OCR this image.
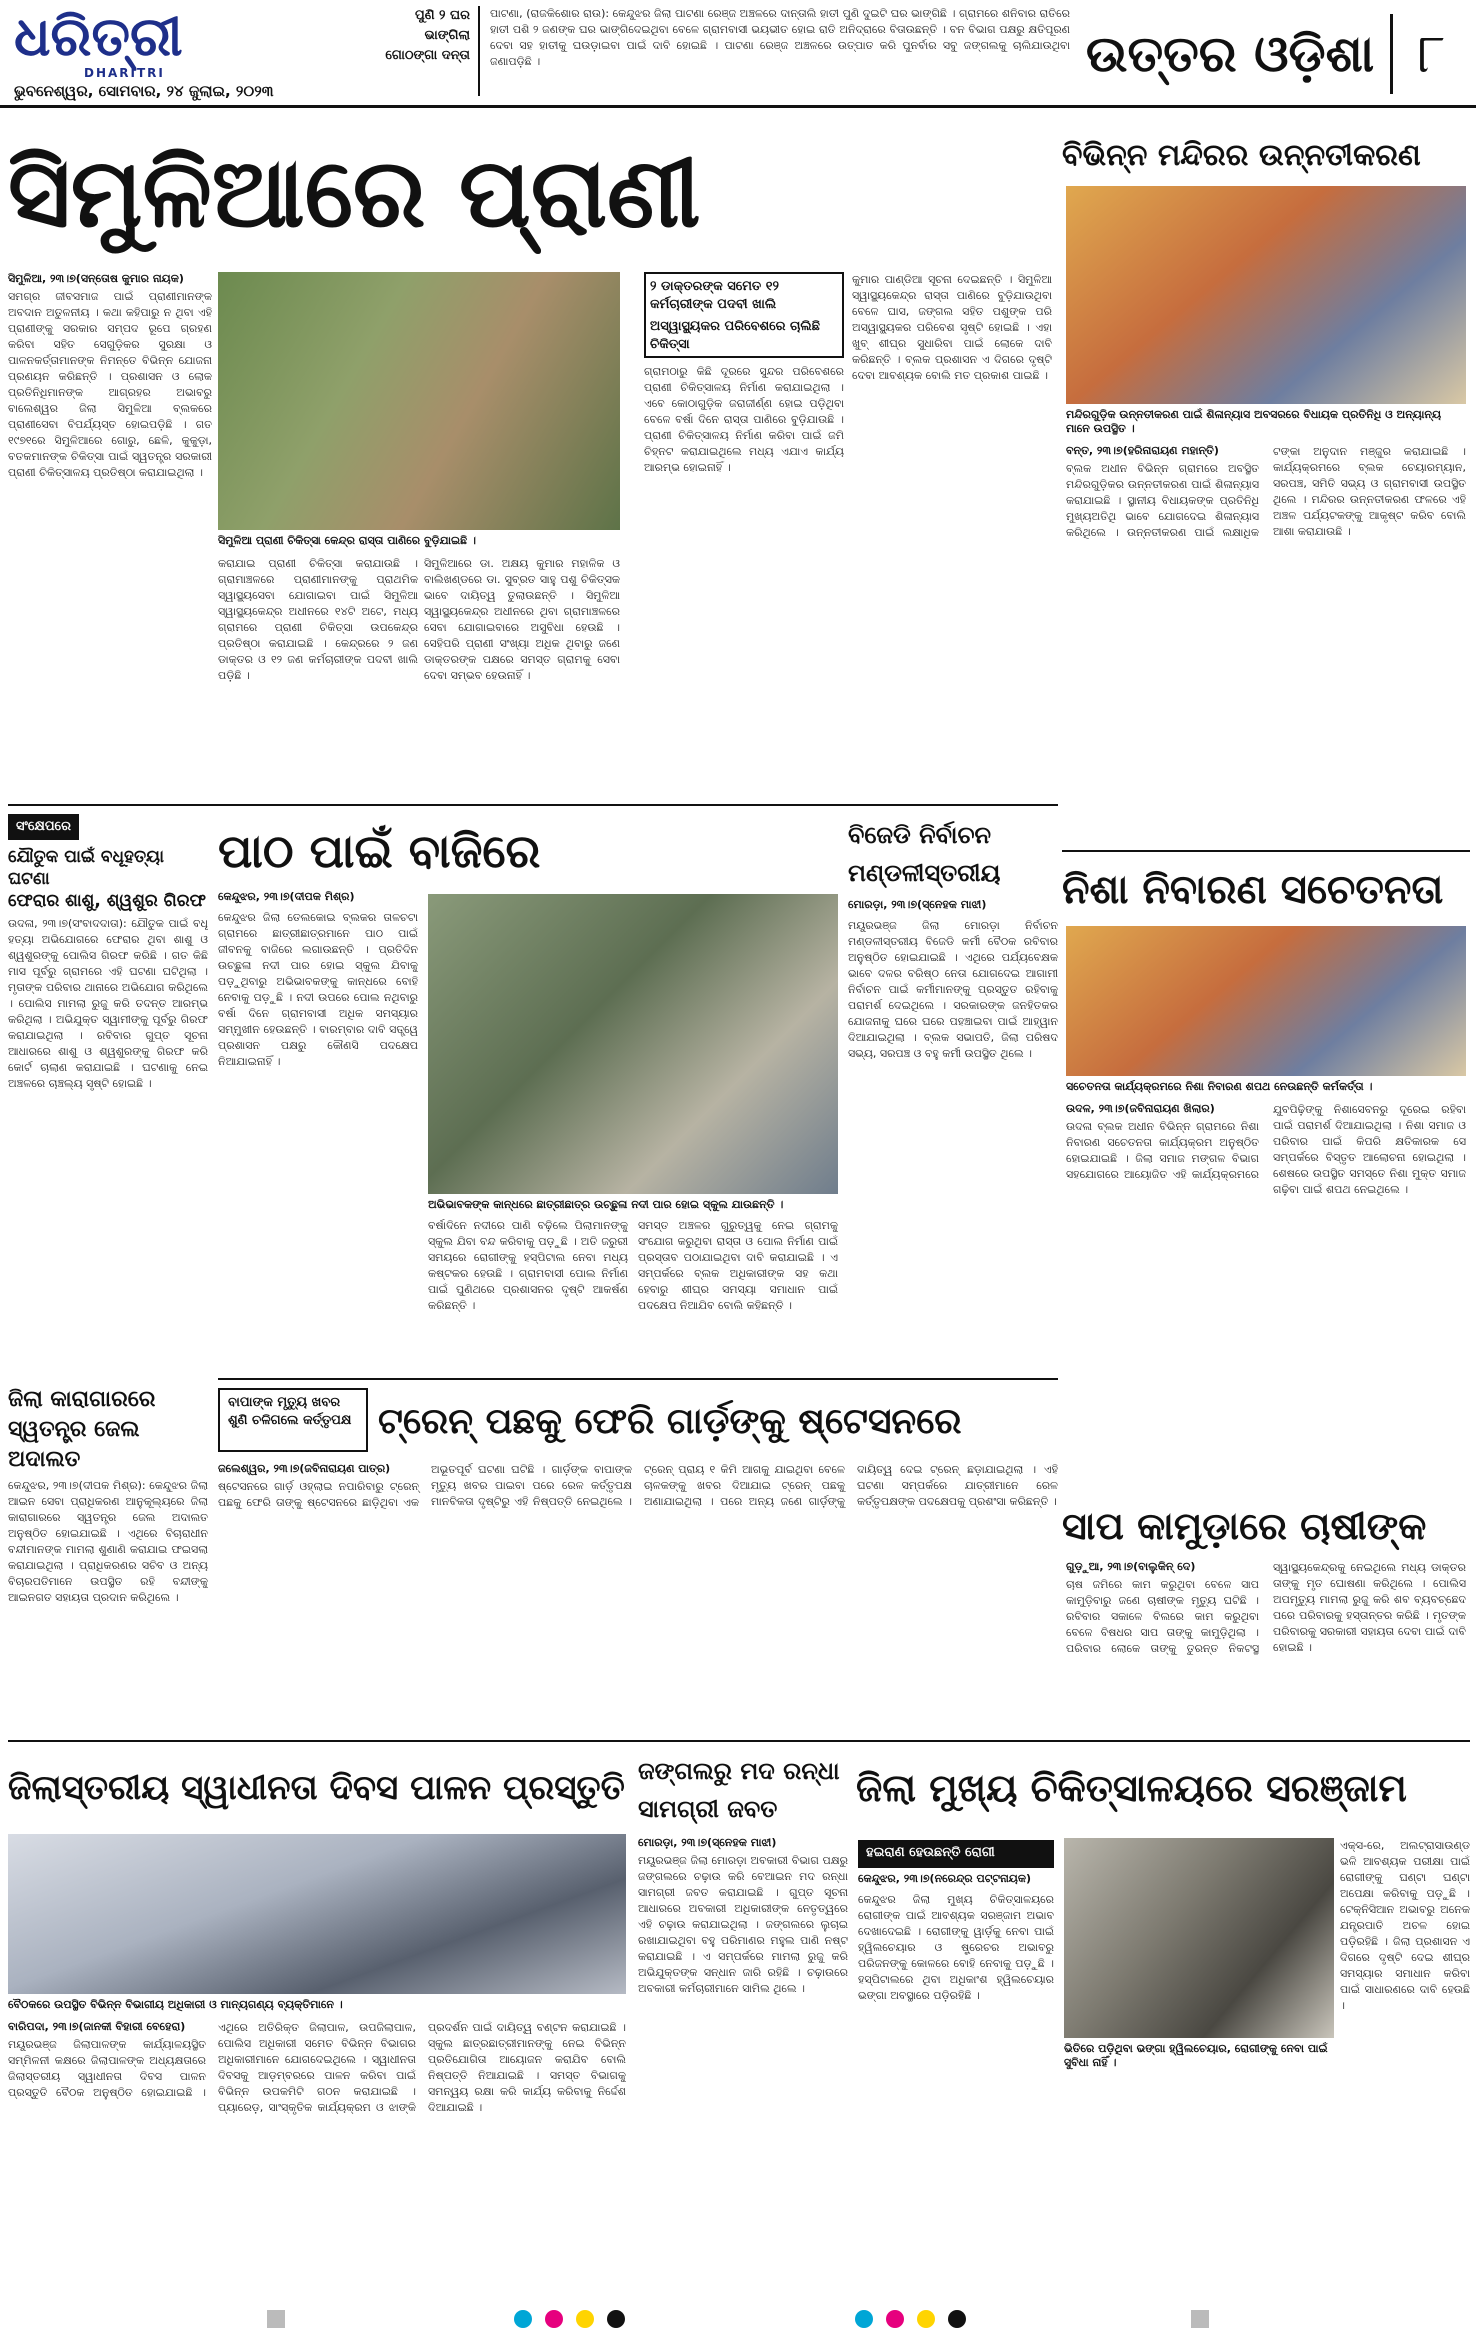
ଧରିତ୍ରୀ
DHARITRI
ଭୁବନେଶ୍ୱର, ସୋମବାର, ୨୪ ଜୁଲାଇ, ୨୦୨୩
ପୁଣି ୨ ଘର
ଭାଙ୍ଗିଲା
ଗୋଠଙ୍ଗା ଦନ୍ତା
ପାଟଣା, (ରାଜକିଶୋର ରାଉ): କେନ୍ଦୁଝର ଜିଲା ପାଟଣା ରେଞ୍ଜ ଅଞ୍ଚଳରେ ଦାନ୍ତାଲି ହାତୀ ପୁଣି ଦୁଇଟି ଘର ଭାଙ୍ଗିଛି । ଗ୍ରାମରେ ଶନିବାର ରାତିରେ ହାତୀ ପଶି ୨ ଜଣଙ୍କ ଘର ଭାଙ୍ଗିଦେଇଥିବା ବେଳେ ଗ୍ରାମବାସୀ ଭୟଭୀତ ହୋଇ ରାତି ଅନିଦ୍ରାରେ ବିତାଉଛନ୍ତି । ବନ ବିଭାଗ ପକ୍ଷରୁ କ୍ଷତିପୂରଣ ଦେବା ସହ ହାତୀକୁ ଘଉଡ଼ାଇବା ପାଇଁ ଦାବି ହୋଇଛି । ପାଟଣା ରେଞ୍ଜ ଅଞ୍ଚଳରେ ଉତ୍ପାତ କରି ପୁନର୍ବାର ସବୁ ଜଙ୍ଗଲକୁ ଚାଲିଯାଉଥିବା ଜଣାପଡ଼ିଛି ।	ଉତ୍ତର ଓଡ଼ିଶା ୮
ସିମୁଳିଆରେ ପ୍ରାଣୀ
ସିମୁଳିଆ ପ୍ରାଣୀ ଚିକିତ୍ସା କେନ୍ଦ୍ର ରାସ୍ତା ପାଣିରେ ବୁଡ଼ିଯାଇଛି ।
ସିମୁଳିଆ, ୨୩।୭(ସନ୍ତୋଷ କୁମାର ନାୟକ)
ସମଗ୍ର ଜୀବସମାଜ ପାଇଁ ପ୍ରାଣୀମାନଙ୍କ ଅବଦାନ ଅତୁଳନୀୟ । କଥା କହିପାରୁ ନ ଥିବା ଏହି ପ୍ରାଣୀଙ୍କୁ ସରକାର ସମ୍ପଦ ରୂପେ ଗ୍ରହଣ କରିବା ସହିତ ସେଗୁଡ଼ିକର ସୁରକ୍ଷା ଓ ପାଳନକର୍ତ୍ତାମାନଙ୍କ ନିମନ୍ତେ ବିଭିନ୍ନ ଯୋଜନା ପ୍ରଣୟନ କରିଛନ୍ତି । ପ୍ରଶାସନ ଓ ଲୋକ ପ୍ରତିନିଧିମାନଙ୍କ ଆଗ୍ରହର ଅଭାବରୁ ବାଲେଶ୍ୱର ଜିଲା ସିମୁଳିଆ ବ୍ଲକରେ ପ୍ରାଣୀସେବା ବିପର୍ଯ୍ୟସ୍ତ ହୋଇପଡ଼ିଛି । ଗତ ୧୯୭୧ରେ ସିମୁଳିଆରେ ଗୋରୁ, ଛେଳି, କୁକୁଡ଼ା, ବତକମାନଙ୍କ ଚିକିତ୍ସା ପାଇଁ ସ୍ୱତନ୍ତ୍ର ସରକାରୀ ପ୍ରାଣୀ ଚିକିତ୍ସାଳୟ ପ୍ରତିଷ୍ଠା କରାଯାଇଥିଲା ।
କରାଯାଇ ପ୍ରାଣୀ ଚିକିତ୍ସା କରାଯାଉଛି । ଗ୍ରାମାଞ୍ଚଳରେ ପ୍ରାଣୀମାନଙ୍କୁ ପ୍ରାଥମିକ ସ୍ୱାସ୍ଥ୍ୟସେବା ଯୋଗାଇବା ପାଇଁ ସିମୁଳିଆ ସ୍ୱାସ୍ଥ୍ୟକେନ୍ଦ୍ର ଅଧୀନରେ ୧୪ଟି ଅଟେ, ମଧ୍ୟ ଗ୍ରାମରେ ପ୍ରାଣୀ ଚିକିତ୍ସା ଉପକେନ୍ଦ୍ର ପ୍ରତିଷ୍ଠା କରାଯାଇଛି । କେନ୍ଦ୍ରରେ ୨ ଜଣ ଡାକ୍ତର ଓ ୧୨ ଜଣ କର୍ମଚାରୀଙ୍କ ପଦବୀ ଖାଲି ପଡ଼ିଛି ।
ସିମୁଳିଆରେ ଡା. ଅକ୍ଷୟ କୁମାର ମହାଳିକ ଓ ବାଲିଖଣ୍ଡରେ ଡା. ସୁବ୍ରତ ସାହୁ ପଶୁ ଚିକିତ୍ସକ ଭାବେ ଦାୟିତ୍ୱ ତୁଲାଉଛନ୍ତି । ସିମୁଳିଆ ସ୍ୱାସ୍ଥ୍ୟକେନ୍ଦ୍ର ଅଧୀନରେ ଥିବା ଗ୍ରାମାଞ୍ଚଳରେ ସେବା ଯୋଗାଇବାରେ ଅସୁବିଧା ହେଉଛି । ସେହିପରି ପ୍ରାଣୀ ସଂଖ୍ୟା ଅଧିକ ଥିବାରୁ ଜଣେ ଡାକ୍ତରଙ୍କ ପକ୍ଷରେ ସମସ୍ତ ଗ୍ରାମକୁ ସେବା ଦେବା ସମ୍ଭବ ହେଉନାହିଁ ।
୨ ଡାକ୍ତରଙ୍କ ସମେତ ୧୨ କର୍ମଚାରୀଙ୍କ ପଦବୀ ଖାଲି
ଅସ୍ୱାସ୍ଥ୍ୟକର ପରିବେଶରେ ଚାଲିଛି ଚିକିତ୍ସା
ଗ୍ରାମଠାରୁ କିଛି ଦୂରରେ ସୁନ୍ଦର ପରିବେଶରେ ପ୍ରାଣୀ ଚିକିତ୍ସାଳୟ ନିର୍ମାଣ କରାଯାଇଥିଲା । ଏବେ କୋଠାଗୁଡ଼ିକ ଜରାଜୀର୍ଣ୍ଣ ହୋଇ ପଡ଼ିଥିବା ବେଳେ ବର୍ଷା ଦିନେ ରାସ୍ତା ପାଣିରେ ବୁଡ଼ିଯାଉଛି । ପ୍ରାଣୀ ଚିକିତ୍ସାଳୟ ନିର୍ମାଣ କରିବା ପାଇଁ ଜମି ଚିହ୍ନଟ କରାଯାଇଥିଲେ ମଧ୍ୟ ଏଯାଏ କାର୍ଯ୍ୟ ଆରମ୍ଭ ହୋଇନାହିଁ ।
କୁମାର ପାଣ୍ଡିଆ ସୂଚନା ଦେଇଛନ୍ତି । ସିମୁଳିଆ ସ୍ୱାସ୍ଥ୍ୟକେନ୍ଦ୍ର ରାସ୍ତା ପାଣିରେ ବୁଡ଼ିଯାଉଥିବା ବେଳେ ଘାସ, ଜଙ୍ଗଲ ସହିତ ପଶୁଙ୍କ ପରି ଅସ୍ୱାସ୍ଥ୍ୟକର ପରିବେଶ ସୃଷ୍ଟି ହୋଇଛି । ଏହା ଖୁବ୍ ଶୀଘ୍ର ସୁଧାରିବା ପାଇଁ ଲୋକେ ଦାବି କରିଛନ୍ତି । ବ୍ଲକ ପ୍ରଶାସନ ଏ ଦିଗରେ ଦୃଷ୍ଟି ଦେବା ଆବଶ୍ୟକ ବୋଲି ମତ ପ୍ରକାଶ ପାଇଛି ।
ବିଭିନ୍ନ ମନ୍ଦିରର ଉନ୍ନତୀକରଣ
ମନ୍ଦିରଗୁଡ଼ିକ ଉନ୍ନତୀକରଣ ପାଇଁ ଶିଳାନ୍ୟାସ ଅବସରରେ ବିଧାୟକ ପ୍ରତିନିଧି ଓ ଅନ୍ୟାନ୍ୟ ମାନେ ଉପସ୍ଥିତ ।
ବନ୍ତ, ୨୩।୭(ହରିନାରାୟଣ ମହାନ୍ତି)
ବ୍ଲକ ଅଧୀନ ବିଭିନ୍ନ ଗ୍ରାମରେ ଅବସ୍ଥିତ ମନ୍ଦିରଗୁଡ଼ିକର ଉନ୍ନତୀକରଣ ପାଇଁ ଶିଳାନ୍ୟାସ କରାଯାଇଛି । ସ୍ଥାନୀୟ ବିଧାୟକଙ୍କ ପ୍ରତିନିଧି ମୁଖ୍ୟଅତିଥି ଭାବେ ଯୋଗଦେଇ ଶିଳାନ୍ୟାସ କରିଥିଲେ । ଉନ୍ନତୀକରଣ ପାଇଁ ଲକ୍ଷାଧିକ ଟଙ୍କା ଅନୁଦାନ ମଞ୍ଜୁର କରାଯାଇଛି । କାର୍ଯ୍ୟକ୍ରମରେ ବ୍ଲକ ଚେୟାରମ୍ୟାନ, ସରପଞ୍ଚ, ସମିତି ସଭ୍ୟ ଓ ଗ୍ରାମବାସୀ ଉପସ୍ଥିତ ଥିଲେ । ମନ୍ଦିରର ଉନ୍ନତୀକରଣ ଫଳରେ ଏହି ଅଞ୍ଚଳ ପର୍ଯ୍ୟଟକଙ୍କୁ ଆକୃଷ୍ଟ କରିବ ବୋଲି ଆଶା କରାଯାଉଛି ।
ସଂକ୍ଷେପରେ
ଯୌତୁକ ପାଇଁ ବଧୂହତ୍ୟା ଘଟଣା
ଫେରାର ଶାଶୁ, ଶ୍ୱଶୁର ଗିରଫ
ଉଦଳା, ୨୩।୭(ସଂବାଦଦାତା): ଯୌତୁକ ପାଇଁ ବଧୂ ହତ୍ୟା ଅଭିଯୋଗରେ ଫେରାର ଥିବା ଶାଶୁ ଓ ଶ୍ୱଶୁରଙ୍କୁ ପୋଲିସ ଗିରଫ କରିଛି । ଗତ କିଛି ମାସ ପୂର୍ବରୁ ଗ୍ରାମରେ ଏହି ଘଟଣା ଘଟିଥିଲା । ମୃତାଙ୍କ ପରିବାର ଥାନାରେ ଅଭିଯୋଗ କରିଥିଲେ । ପୋଲିସ ମାମଲା ରୁଜୁ କରି ତଦନ୍ତ ଆରମ୍ଭ କରିଥିଲା । ଅଭିଯୁକ୍ତ ସ୍ୱାମୀଙ୍କୁ ପୂର୍ବରୁ ଗିରଫ କରାଯାଇଥିଲା । ରବିବାର ଗୁପ୍ତ ସୂଚନା ଆଧାରରେ ଶାଶୁ ଓ ଶ୍ୱଶୁରଙ୍କୁ ଗିରଫ କରି କୋର୍ଟ ଚାଲାଣ କରାଯାଇଛି । ଘଟଣାକୁ ନେଇ ଅଞ୍ଚଳରେ ଚାଞ୍ଚଲ୍ୟ ସୃଷ୍ଟି ହୋଇଛି ।
ପାଠ ପାଇଁ ବାଜିରେ
କେନ୍ଦୁଝର, ୨୩।୭(ଦୀପକ ମିଶ୍ର)
କେନ୍ଦୁଝର ଜିଲା ତେଲକୋଇ ବ୍ଲକର ତାଳଚଟା ଗ୍ରାମରେ ଛାତ୍ରୀଛାତ୍ରମାନେ ପାଠ ପାଇଁ ଜୀବନକୁ ବାଜିରେ ଲଗାଉଛନ୍ତି । ପ୍ରତିଦିନ ଉଚ୍ଛୁଳା ନଦୀ ପାର ହୋଇ ସ୍କୁଲ ଯିବାକୁ ପଡ଼ୁଥିବାରୁ ଅଭିଭାବକଙ୍କୁ କାନ୍ଧରେ ବୋହି ନେବାକୁ ପଡ଼ୁଛି । ନଦୀ ଉପରେ ପୋଲ ନଥିବାରୁ ବର୍ଷା ଦିନେ ଗ୍ରାମବାସୀ ଅଧିକ ସମସ୍ୟାର ସମ୍ମୁଖୀନ ହେଉଛନ୍ତି । ବାରମ୍ବାର ଦାବି ସତ୍ତ୍ୱେ ପ୍ରଶାସନ ପକ୍ଷରୁ କୌଣସି ପଦକ୍ଷେପ ନିଆଯାଇନାହିଁ ।
ଅଭିଭାବକଙ୍କ କାନ୍ଧରେ ଛାତ୍ରୀଛାତ୍ର ଉଚ୍ଛୁଳା ନଦୀ ପାର ହୋଇ ସ୍କୁଲ ଯାଉଛନ୍ତି ।
ବର୍ଷାଦିନେ ନଦୀରେ ପାଣି ବଢ଼ିଲେ ପିଲାମାନଙ୍କୁ ସ୍କୁଲ ଯିବା ବନ୍ଦ କରିବାକୁ ପଡ଼ୁଛି । ଅତି ଜରୁରୀ ସମୟରେ ରୋଗୀଙ୍କୁ ହସ୍ପିଟାଲ ନେବା ମଧ୍ୟ କଷ୍ଟକର ହେଉଛି । ଗ୍ରାମବାସୀ ପୋଲ ନିର୍ମାଣ ପାଇଁ ପୁଣିଥରେ ପ୍ରଶାସନର ଦୃଷ୍ଟି ଆକର୍ଷଣ କରିଛନ୍ତି ।
ସମସ୍ତ ଅଞ୍ଚଳର ଗୁରୁତ୍ୱକୁ ନେଇ ଗ୍ରାମକୁ ସଂଯୋଗ କରୁଥିବା ରାସ୍ତା ଓ ପୋଲ ନିର୍ମାଣ ପାଇଁ ପ୍ରସ୍ତାବ ପଠାଯାଇଥିବା ଦାବି କରାଯାଇଛି । ଏ ସମ୍ପର୍କରେ ବ୍ଲକ ଅଧିକାରୀଙ୍କ ସହ କଥା ହେବାରୁ ଶୀଘ୍ର ସମସ୍ୟା ସମାଧାନ ପାଇଁ ପଦକ୍ଷେପ ନିଆଯିବ ବୋଲି କହିଛନ୍ତି ।
ବିଜେଡି ନିର୍ବାଚନ ମଣ୍ଡଳୀସ୍ତରୀୟ
ମୋରଡ଼ା, ୨୩।୭(ସ୍ନେହକ ମାଝୀ)
ମୟୂରଭଞ୍ଜ ଜିଲା ମୋରଡ଼ା ନିର୍ବାଚନ ମଣ୍ଡଳୀସ୍ତରୀୟ ବିଜେଡି କର୍ମୀ ବୈଠକ ରବିବାର ଅନୁଷ୍ଠିତ ହୋଇଯାଇଛି । ଏଥିରେ ପର୍ଯ୍ୟବେକ୍ଷକ ଭାବେ ଦଳର ବରିଷ୍ଠ ନେତା ଯୋଗଦେଇ ଆଗାମୀ ନିର୍ବାଚନ ପାଇଁ କର୍ମୀମାନଙ୍କୁ ପ୍ରସ୍ତୁତ ରହିବାକୁ ପରାମର୍ଶ ଦେଇଥିଲେ । ସରକାରଙ୍କ ଜନହିତକର ଯୋଜନାକୁ ଘରେ ଘରେ ପହଞ୍ଚାଇବା ପାଇଁ ଆହ୍ୱାନ ଦିଆଯାଇଥିଲା । ବ୍ଲକ ସଭାପତି, ଜିଲା ପରିଷଦ ସଭ୍ୟ, ସରପଞ୍ଚ ଓ ବହୁ କର୍ମୀ ଉପସ୍ଥିତ ଥିଲେ ।
ନିଶା ନିବାରଣ ସଚେତନତା
ସଚେତନତା କାର୍ଯ୍ୟକ୍ରମରେ ନିଶା ନିବାରଣ ଶପଥ ନେଉଛନ୍ତି କର୍ମକର୍ତ୍ତା ।
ଉଦଳ, ୨୩।୭(ଜବିନାରାୟଣ ଖିଲାର)
ଉଦଳା ବ୍ଲକ ଅଧୀନ ବିଭିନ୍ନ ଗ୍ରାମରେ ନିଶା ନିବାରଣ ସଚେତନତା କାର୍ଯ୍ୟକ୍ରମ ଅନୁଷ୍ଠିତ ହୋଇଯାଇଛି । ଜିଲା ସମାଜ ମଙ୍ଗଳ ବିଭାଗ ସହଯୋଗରେ ଆୟୋଜିତ ଏହି କାର୍ଯ୍ୟକ୍ରମରେ ଯୁବପିଢ଼ିଙ୍କୁ ନିଶାସେବନରୁ ଦୂରେଇ ରହିବା ପାଇଁ ପରାମର୍ଶ ଦିଆଯାଇଥିଲା । ନିଶା ସମାଜ ଓ ପରିବାର ପାଇଁ କିପରି କ୍ଷତିକାରକ ସେ ସମ୍ପର୍କରେ ବିସ୍ତୃତ ଆଲୋଚନା ହୋଇଥିଲା । ଶେଷରେ ଉପସ୍ଥିତ ସମସ୍ତେ ନିଶା ମୁକ୍ତ ସମାଜ ଗଢ଼ିବା ପାଇଁ ଶପଥ ନେଇଥିଲେ ।
ଜିଲା କାରାଗାରରେ ସ୍ୱତନ୍ତ୍ର ଜେଲ ଅଦାଲତ
କେନ୍ଦୁଝର, ୨୩।୭(ଦୀପକ ମିଶ୍ର): କେନ୍ଦୁଝର ଜିଲା ଆଇନ ସେବା ପ୍ରାଧିକରଣ ଆନୁକୂଲ୍ୟରେ ଜିଲା କାରାଗାରରେ ସ୍ୱତନ୍ତ୍ର ଜେଲ ଅଦାଲତ ଅନୁଷ୍ଠିତ ହୋଇଯାଇଛି । ଏଥିରେ ବିଚାରାଧୀନ ବନ୍ଦୀମାନଙ୍କ ମାମଲା ଶୁଣାଣି କରାଯାଇ ଫଇସଲା କରାଯାଇଥିଲା । ପ୍ରାଧିକରଣର ସଚିବ ଓ ଅନ୍ୟ ବିଚାରପତିମାନେ ଉପସ୍ଥିତ ରହି ବନ୍ଦୀଙ୍କୁ ଆଇନଗତ ସହାୟତା ପ୍ରଦାନ କରିଥିଲେ ।
ବାପାଙ୍କ ମୃତ୍ୟୁ ଖବର ଶୁଣି ଚଳିଗଲେ କର୍ତ୍ତୃପକ୍ଷ ଟ୍ରେନ୍ ପଛକୁ ଫେରି ଗାର୍ଡ଼ଙ୍କୁ ଷ୍ଟେସନରେ
ଜଲେଶ୍ୱର, ୨୩।୭(ଜବିନାରାୟଣ ପାତ୍ର)
ଷ୍ଟେସନରେ ଗାର୍ଡ଼ ଓହ୍ଲାଇ ନପାରିବାରୁ ଟ୍ରେନ୍ ପଛକୁ ଫେରି ତାଙ୍କୁ ଷ୍ଟେସନରେ ଛାଡ଼ିଥିବା ଏକ ଅଭୂତପୂର୍ବ ଘଟଣା ଘଟିଛି । ଗାର୍ଡ଼ଙ୍କ ବାପାଙ୍କ ମୃତ୍ୟୁ ଖବର ପାଇବା ପରେ ରେଳ କର୍ତ୍ତୃପକ୍ଷ ମାନବିକତା ଦୃଷ୍ଟିରୁ ଏହି ନିଷ୍ପତ୍ତି ନେଇଥିଲେ । ଟ୍ରେନ୍ ପ୍ରାୟ ୧ କିମି ଆଗକୁ ଯାଇଥିବା ବେଳେ ଚାଳକଙ୍କୁ ଖବର ଦିଆଯାଇ ଟ୍ରେନ୍ ପଛକୁ ଅଣାଯାଇଥିଲା । ପରେ ଅନ୍ୟ ଜଣେ ଗାର୍ଡ଼ଙ୍କୁ ଦାୟିତ୍ୱ ଦେଇ ଟ୍ରେନ୍ ଛଡ଼ାଯାଇଥିଲା । ଏହି ଘଟଣା ସମ୍ପର୍କରେ ଯାତ୍ରୀମାନେ ରେଳ କର୍ତ୍ତୃପକ୍ଷଙ୍କ ପଦକ୍ଷେପକୁ ପ୍ରଶଂସା କରିଛନ୍ତି ।
ସାପ କାମୁଡ଼ାରେ ଚାଷୀଙ୍କ
ଗୁଡ଼ୁଆ, ୨୩।୭(ବାଲୁକିନ୍ ଦେ)
ଚାଷ ଜମିରେ କାମ କରୁଥିବା ବେଳେ ସାପ କାମୁଡ଼ିବାରୁ ଜଣେ ଚାଷୀଙ୍କ ମୃତ୍ୟୁ ଘଟିଛି । ରବିବାର ସକାଳେ ବିଲରେ କାମ କରୁଥିବା ବେଳେ ବିଷଧର ସାପ ତାଙ୍କୁ କାମୁଡ଼ିଥିଲା । ପରିବାର ଲୋକେ ତାଙ୍କୁ ତୁରନ୍ତ ନିକଟସ୍ଥ ସ୍ୱାସ୍ଥ୍ୟକେନ୍ଦ୍ରକୁ ନେଇଥିଲେ ମଧ୍ୟ ଡାକ୍ତର ତାଙ୍କୁ ମୃତ ଘୋଷଣା କରିଥିଲେ । ପୋଲିସ ଅପମୃତ୍ୟୁ ମାମଲା ରୁଜୁ କରି ଶବ ବ୍ୟବଚ୍ଛେଦ ପରେ ପରିବାରକୁ ହସ୍ତାନ୍ତର କରିଛି । ମୃତଙ୍କ ପରିବାରକୁ ସରକାରୀ ସହାୟତା ଦେବା ପାଇଁ ଦାବି ହୋଇଛି ।
ଜିଲାସ୍ତରୀୟ ସ୍ୱାଧୀନତା ଦିବସ ପାଳନ ପ୍ରସ୍ତୁତି
ବୈଠକରେ ଉପସ୍ଥିତ ବିଭିନ୍ନ ବିଭାଗୀୟ ଅଧିକାରୀ ଓ ମାନ୍ୟଗଣ୍ୟ ବ୍ୟକ୍ତିମାନେ ।
ବାରିପଦା, ୨୩।୭(ଜାନକୀ ବିହାରୀ ବେହେରା)
ମୟୂରଭଞ୍ଜ ଜିଲାପାଳଙ୍କ କାର୍ଯ୍ୟାଳୟସ୍ଥିତ ସମ୍ମିଳନୀ କକ୍ଷରେ ଜିଲାପାଳଙ୍କ ଅଧ୍ୟକ୍ଷତାରେ ଜିଲାସ୍ତରୀୟ ସ୍ୱାଧୀନତା ଦିବସ ପାଳନ ପ୍ରସ୍ତୁତି ବୈଠକ ଅନୁଷ୍ଠିତ ହୋଇଯାଇଛି । ଏଥିରେ ଅତିରିକ୍ତ ଜିଲାପାଳ, ଉପଜିଲାପାଳ, ପୋଲିସ ଅଧିକାରୀ ସମେତ ବିଭିନ୍ନ ବିଭାଗର ଅଧିକାରୀମାନେ ଯୋଗଦେଇଥିଲେ । ସ୍ୱାଧୀନତା ଦିବସକୁ ଆଡ଼ମ୍ବରରେ ପାଳନ କରିବା ପାଇଁ ବିଭିନ୍ନ ଉପକମିଟି ଗଠନ କରାଯାଇଛି । ପ୍ୟାରେଡ଼, ସାଂସ୍କୃତିକ କାର୍ଯ୍ୟକ୍ରମ ଓ ଝାଙ୍କି ପ୍ରଦର୍ଶନ ପାଇଁ ଦାୟିତ୍ୱ ବଣ୍ଟନ କରାଯାଇଛି । ସ୍କୁଲ ଛାତ୍ରଛାତ୍ରୀମାନଙ୍କୁ ନେଇ ବିଭିନ୍ନ ପ୍ରତିଯୋଗିତା ଆୟୋଜନ କରାଯିବ ବୋଲି ନିଷ୍ପତ୍ତି ନିଆଯାଇଛି । ସମସ୍ତ ବିଭାଗକୁ ସମନ୍ୱୟ ରକ୍ଷା କରି କାର୍ଯ୍ୟ କରିବାକୁ ନିର୍ଦ୍ଦେଶ ଦିଆଯାଇଛି ।
ଜଙ୍ଗଲରୁ ମଦ ରନ୍ଧା ସାମଗ୍ରୀ ଜବତ
ମୋରଡ଼ା, ୨୩।୭(ସ୍ନେହକ ମାଝୀ)
ମୟୂରଭଞ୍ଜ ଜିଲା ମୋରଡ଼ା ଅବକାରୀ ବିଭାଗ ପକ୍ଷରୁ ଜଙ୍ଗଲରେ ଚଢ଼ାଉ କରି ବେଆଇନ ମଦ ରନ୍ଧା ସାମଗ୍ରୀ ଜବତ କରାଯାଇଛି । ଗୁପ୍ତ ସୂଚନା ଆଧାରରେ ଅବକାରୀ ଅଧିକାରୀଙ୍କ ନେତୃତ୍ୱରେ ଏହି ଚଢ଼ାଉ କରାଯାଇଥିଲା । ଜଙ୍ଗଲରେ ଲୁଚାଇ ରଖାଯାଇଥିବା ବହୁ ପରିମାଣର ମହୁଲ ପାଣି ନଷ୍ଟ କରାଯାଇଛି । ଏ ସମ୍ପର୍କରେ ମାମଲା ରୁଜୁ କରି ଅଭିଯୁକ୍ତଙ୍କ ସନ୍ଧାନ ଜାରି ରହିଛି । ଚଢ଼ାଉରେ ଅବକାରୀ କର୍ମଚାରୀମାନେ ସାମିଲ ଥିଲେ ।
ଜିଲା ମୁଖ୍ୟ ଚିକିତ୍ସାଳୟରେ ସରଞ୍ଜାମ
ହଇରାଣ ହେଉଛନ୍ତି ରୋଗୀ
କେନ୍ଦୁଝର, ୨୩।୭(ନରେନ୍ଦ୍ର ପଟ୍ଟନାୟକ)
କେନ୍ଦୁଝର ଜିଲା ମୁଖ୍ୟ ଚିକିତ୍ସାଳୟରେ ରୋଗୀଙ୍କ ପାଇଁ ଆବଶ୍ୟକ ସରଞ୍ଜାମ ଅଭାବ ଦେଖାଦେଇଛି । ରୋଗୀଙ୍କୁ ୱାର୍ଡ଼କୁ ନେବା ପାଇଁ ହ୍ୱିଲଚେୟାର ଓ ଷ୍ଟ୍ରେଚର ଅଭାବରୁ ପରିଜନଙ୍କୁ କୋଳରେ ବୋହି ନେବାକୁ ପଡ଼ୁଛି । ହସ୍ପିଟାଲରେ ଥିବା ଅଧିକାଂଶ ହ୍ୱିଲଚେୟାର ଭଙ୍ଗା ଅବସ୍ଥାରେ ପଡ଼ିରହିଛି ।
ଭିତିରେ ପଡ଼ିଥିବା ଭଙ୍ଗା ହ୍ୱିଲଚେୟାର, ରୋଗୀଙ୍କୁ ନେବା ପାଇଁ ସୁବିଧା ନାହିଁ ।
ଏକ୍ସ-ରେ, ଅଲଟ୍ରାସାଉଣ୍ଡ ଭଳି ଆବଶ୍ୟକ ପରୀକ୍ଷା ପାଇଁ ରୋଗୀଙ୍କୁ ଘଣ୍ଟା ଘଣ୍ଟା ଅପେକ୍ଷା କରିବାକୁ ପଡ଼ୁଛି । ଟେକ୍ନିସିଆନ ଅଭାବରୁ ଅନେକ ଯନ୍ତ୍ରପାତି ଅଚଳ ହୋଇ ପଡ଼ିରହିଛି । ଜିଲା ପ୍ରଶାସନ ଏ ଦିଗରେ ଦୃଷ୍ଟି ଦେଇ ଶୀଘ୍ର ସମସ୍ୟାର ସମାଧାନ କରିବା ପାଇଁ ସାଧାରଣରେ ଦାବି ହେଉଛି ।
